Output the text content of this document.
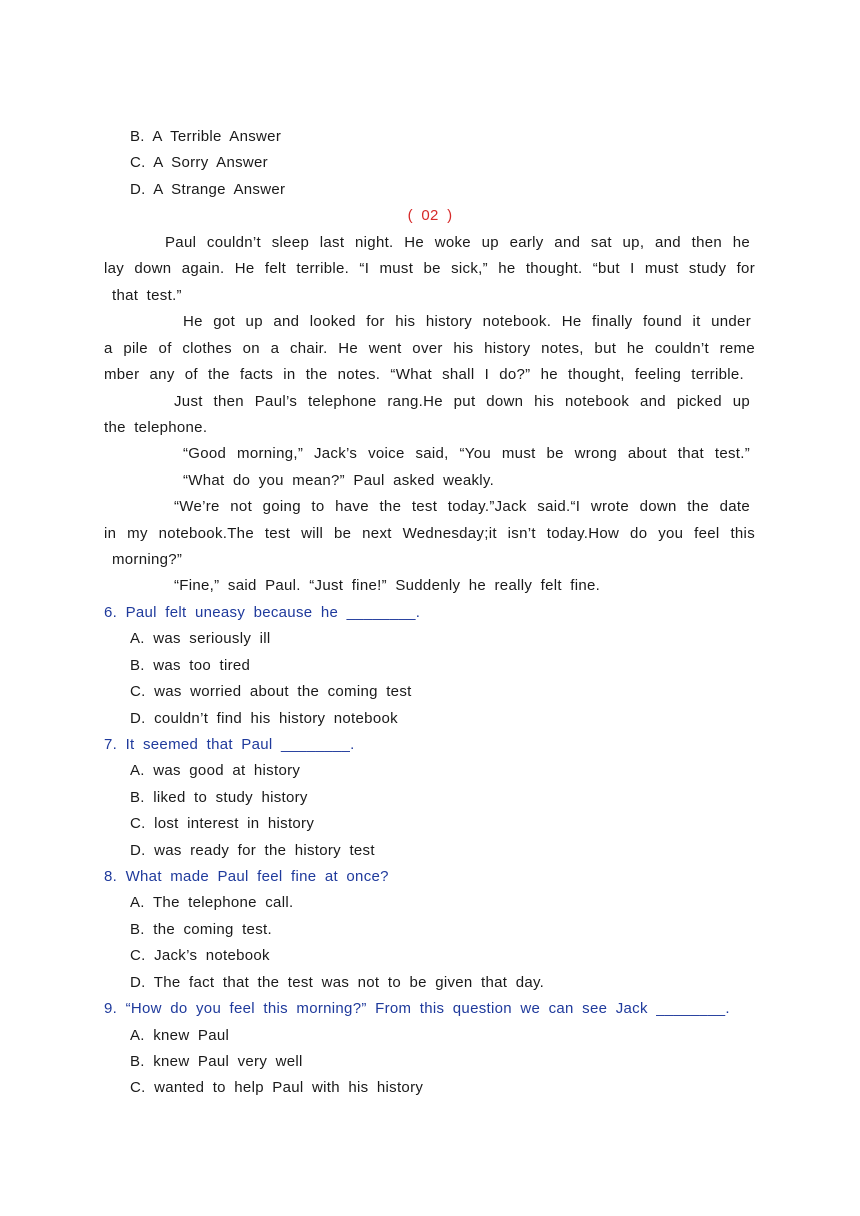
B. A Terrible Answer
C. A Sorry Answer
D. A Strange Answer
( 02 )
Paul couldn’t sleep last night. He woke up early and sat up, and then he
lay down again. He felt terrible. “I must be sick,” he thought. “but I must study for
that test.”
He got up and looked for his history notebook. He finally found it under
a pile of clothes on a chair. He went over his history notes, but he couldn’t reme
mber any of the facts in the notes. “What shall I do?” he thought, feeling terrible.
Just then Paul’s telephone rang.He put down his notebook and picked up
the telephone.
“Good morning,” Jack’s voice said, “You must be wrong about that test.”
“What do you mean?” Paul asked weakly.
“We’re not going to have the test today.”Jack said.“I wrote down the date
in my notebook.The test will be next Wednesday;it isn’t today.How do you feel this
morning?”
“Fine,” said Paul. “Just fine!” Suddenly he really felt fine.
6. Paul felt uneasy because he ________.
A. was seriously ill
B. was too tired
C. was worried about the coming test
D. couldn’t find his history notebook
7. It seemed that Paul ________.
A. was good at history
B. liked to study history
C. lost interest in history
D. was ready for the history test
8. What made Paul feel fine at once?
A. The telephone call.
B. the coming test.
C. Jack’s notebook
D. The fact that the test was not to be given that day.
9. “How do you feel this morning?” From this question we can see Jack ________.
A. knew Paul
B. knew Paul very well
C. wanted to help Paul with his history
